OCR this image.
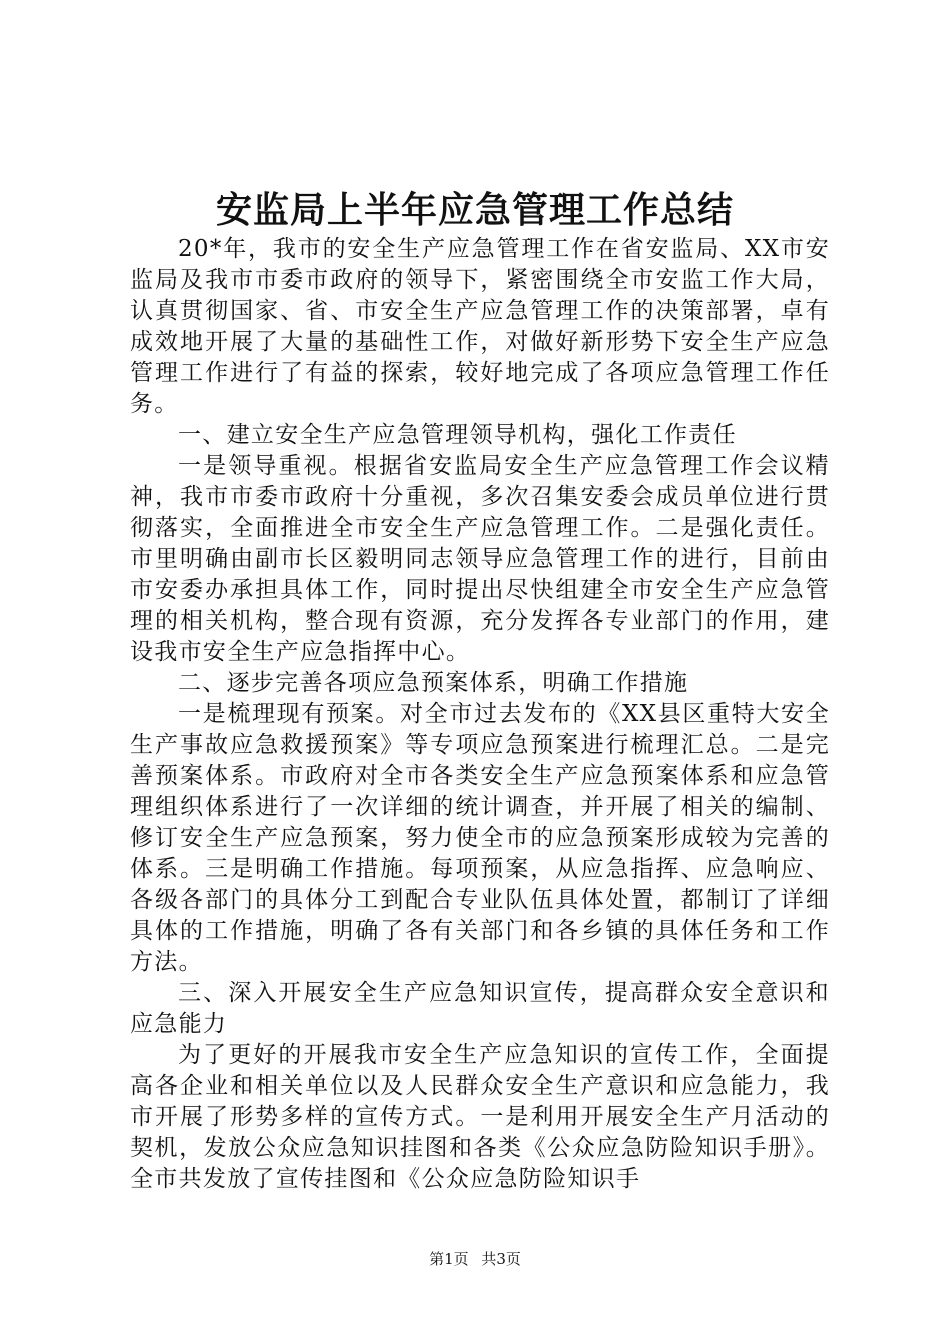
安监局上半年应急管理工作总结

20*年，我市的安全生产应急管理工作在省安监局、XX市安监局及我市市委市政府的领导下，紧密围绕全市安监工作大局，认真贯彻国家、省、市安全生产应急管理工作的决策部署，卓有成效地开展了大量的基础性工作，对做好新形势下安全生产应急管理工作进行了有益的探索，较好地完成了各项应急管理工作任务。

一、建立安全生产应急管理领导机构，强化工作责任

一是领导重视。根据省安监局安全生产应急管理工作会议精神，我市市委市政府十分重视，多次召集安委会成员单位进行贯彻落实，全面推进全市安全生产应急管理工作。二是强化责任。市里明确由副市长区毅明同志领导应急管理工作的进行，目前由市安委办承担具体工作，同时提出尽快组建全市安全生产应急管理的相关机构，整合现有资源，充分发挥各专业部门的作用，建设我市安全生产应急指挥中心。

二、逐步完善各项应急预案体系，明确工作措施

一是梳理现有预案。对全市过去发布的《XX县区重特大安全生产事故应急救援预案》等专项应急预案进行梳理汇总。二是完善预案体系。市政府对全市各类安全生产应急预案体系和应急管理组织体系进行了一次详细的统计调查，并开展了相关的编制、修订安全生产应急预案，努力使全市的应急预案形成较为完善的体系。三是明确工作措施。每项预案，从应急指挥、应急响应、各级各部门的具体分工到配合专业队伍具体处置，都制订了详细具体的工作措施，明确了各有关部门和各乡镇的具体任务和工作方法。

三、深入开展安全生产应急知识宣传，提高群众安全意识和应急能力

为了更好的开展我市安全生产应急知识的宣传工作，全面提高各企业和相关单位以及人民群众安全生产意识和应急能力，我市开展了形势多样的宣传方式。一是利用开展安全生产月活动的契机，发放公众应急知识挂图和各类《公众应急防险知识手册》。全市共发放了宣传挂图和《公众应急防险知识手

第1页 共3页
